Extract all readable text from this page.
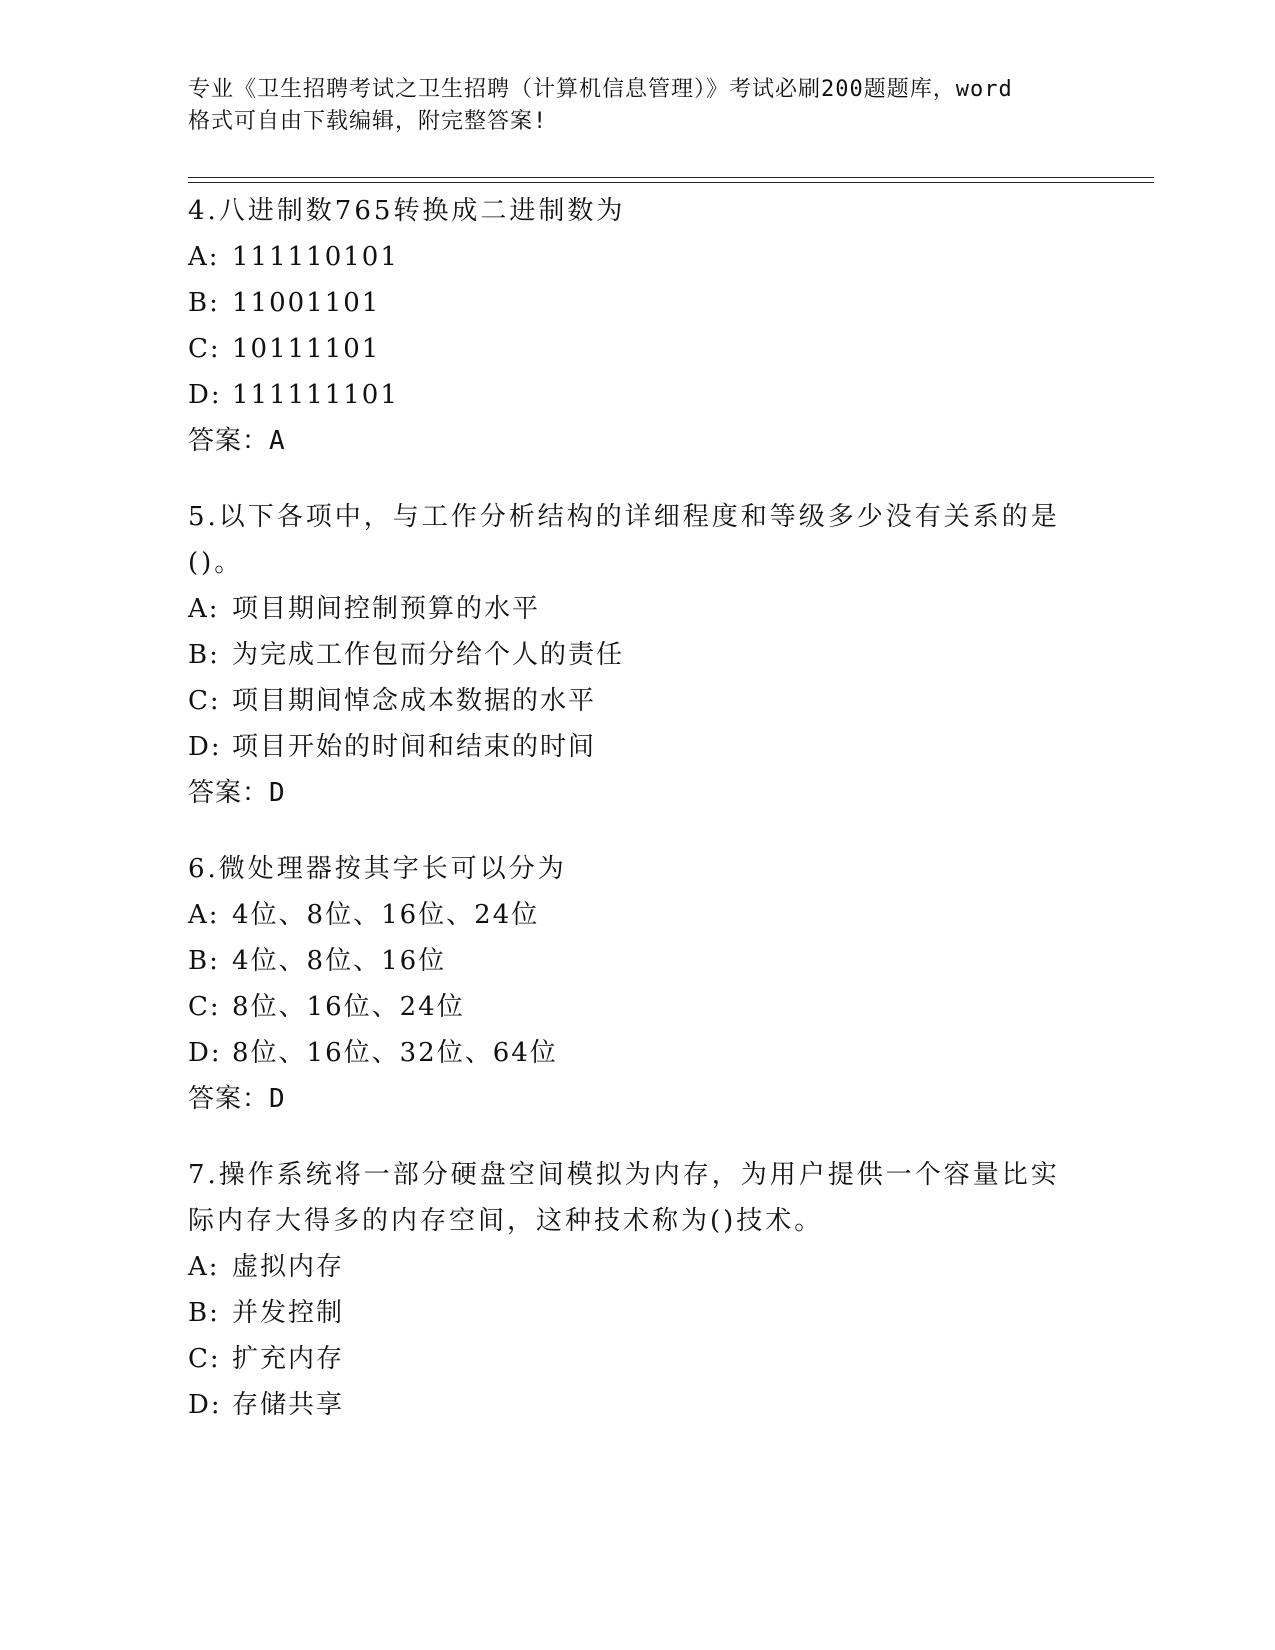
专业《卫生招聘考试之卫生招聘（计算机信息管理）》考试必刷200题题库，word
格式可自由下载编辑，附完整答案!
4.八进制数765转换成二进制数为
A: 111110101
B: 11001101
C: 10111101
D: 111111101
答案：A
5.以下各项中，与工作分析结构的详细程度和等级多少没有关系的是()。
A: 项目期间控制预算的水平
B: 为完成工作包而分给个人的责任
C: 项目期间悼念成本数据的水平
D: 项目开始的时间和结束的时间
答案：D
6.微处理器按其字长可以分为
A: 4位、8位、16位、24位
B: 4位、8位、16位
C: 8位、16位、24位
D: 8位、16位、32位、64位
答案：D
7.操作系统将一部分硬盘空间模拟为内存，为用户提供一个容量比实际内存大得多的内存空间，这种技术称为()技术。
A: 虚拟内存
B: 并发控制
C: 扩充内存
D: 存储共享
